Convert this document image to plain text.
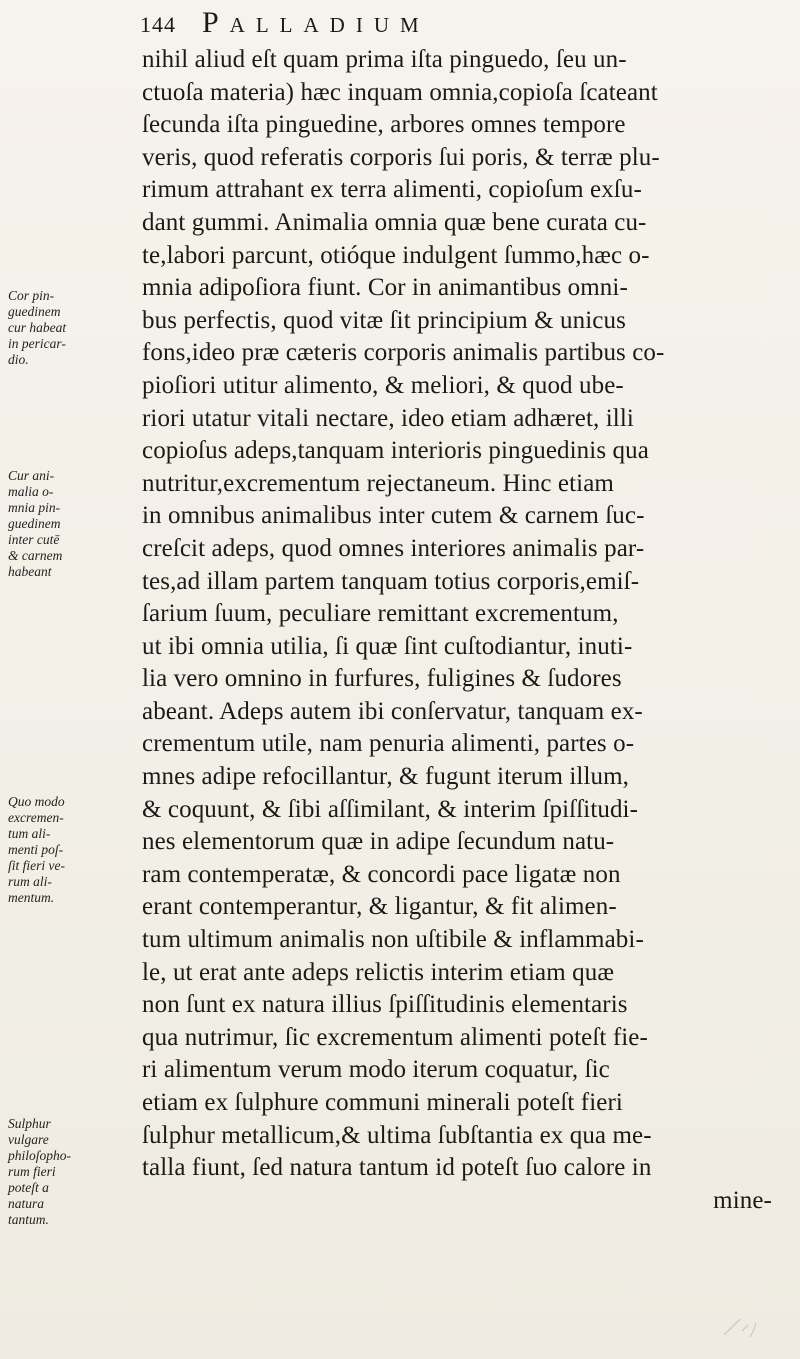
144 Palladium
nihil aliud eſt quam prima iſta pinguedo, ſeu un-
ctuoſa materia) hæc inquam omnia,copioſa ſcateant
ſecunda iſta pinguedine, arbores omnes tempore
veris, quod referatis corporis ſui poris, & terræ plu-
rimum attrahant ex terra alimenti, copioſum exſu-
dant gummi. Animalia omnia quæ bene curata cu-
te,labori parcunt, otióque indulgent ſummo,hæc o-
mnia adipoſiora fiunt. Cor in animantibus omni-
bus perfectis, quod vitæ ſit principium & unicus
fons,ideo præ cæteris corporis animalis partibus co-
pioſiori utitur alimento, & meliori, & quod ube-
riori utatur vitali nectare, ideo etiam adhæret, illi
copioſus adeps,tanquam interioris pinguedinis qua
nutritur,excrementum rejectaneum. Hinc etiam
in omnibus animalibus inter cutem & carnem ſuc-
creſcit adeps, quod omnes interiores animalis par-
tes,ad illam partem tanquam totius corporis,emiſ-
ſarium ſuum, peculiare remittant excrementum,
ut ibi omnia utilia, ſi quæ ſint cuſtodiantur, inuti-
lia vero omnino in furfures, fuligines & ſudores
abeant. Adeps autem ibi conſervatur, tanquam ex-
crementum utile, nam penuria alimenti, partes o-
mnes adipe refocillantur, & fugunt iterum illum,
& coquunt, & ſibi aſſimilant, & interim ſpiſſitudi-
nes elementorum quæ in adipe ſecundum natu-
ram contemperatæ, & concordi pace ligatæ non
erant contemperantur, & ligantur, & fit alimen-
tum ultimum animalis non uſtibile & inflammabi-
le, ut erat ante adeps relictis interim etiam quæ
non ſunt ex natura illius ſpiſſitudinis elementaris
qua nutrimur, ſic excrementum alimenti poteſt fie-
ri alimentum verum modo iterum coquatur, ſic
etiam ex ſulphure communi minerali poteſt fieri
ſulphur metallicum,& ultima ſubſtantia ex qua me-
talla fiunt, ſed natura tantum id poteſt ſuo calore in
mine-
Cor pin-
guedinem
cur habeat
in pericar-
dio.
Cur ani-
malia o-
mnia pin-
guedinem
inter cutē
& carnem
habeant
Quo modo
excremen-
tum ali-
menti poſ-
ſit fieri ve-
rum ali-
mentum.
Sulphur
vulgare
philoſopho-
rum fieri
poteſt a
natura
tantum.
